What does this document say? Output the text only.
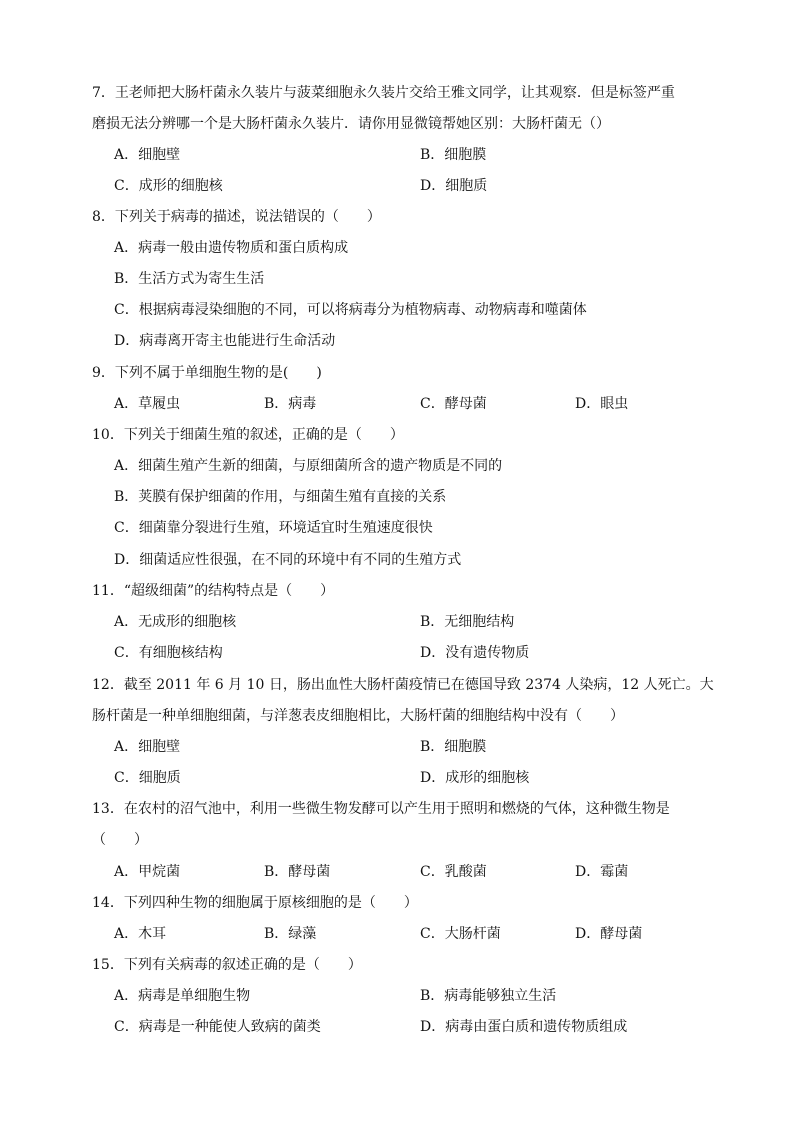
7．王老师把大肠杆菌永久装片与菠菜细胞永久装片交给王雅文同学，让其观察．但是标签严重
磨损无法分辨哪一个是大肠杆菌永久装片．请你用显微镜帮她区别：大肠杆菌无（）
A．细胞壁	B．细胞膜
C．成形的细胞核	D．细胞质
8．下列关于病毒的描述，说法错误的（　　）
A．病毒一般由遗传物质和蛋白质构成
B．生活方式为寄生生活
C．根据病毒浸染细胞的不同，可以将病毒分为植物病毒、动物病毒和噬菌体
D．病毒离开寄主也能进行生命活动
9．下列不属于单细胞生物的是(　　)
A．草履虫	B．病毒	C．酵母菌	D．眼虫
10．下列关于细菌生殖的叙述，正确的是（　　）
A．细菌生殖产生新的细菌，与原细菌所含的遗产物质是不同的
B．荚膜有保护细菌的作用，与细菌生殖有直接的关系
C．细菌靠分裂进行生殖，环境适宜时生殖速度很快
D．细菌适应性很强，在不同的环境中有不同的生殖方式
11．“超级细菌”的结构特点是（　　）
A．无成形的细胞核	B．无细胞结构
C．有细胞核结构	D．没有遗传物质
12．截至 2011 年 6 月 10 日，肠出血性大肠杆菌疫情已在德国导致 2374 人染病，12 人死亡。大
肠杆菌是一种单细胞细菌，与洋葱表皮细胞相比，大肠杆菌的细胞结构中没有（　　）
A．细胞壁	B．细胞膜
C．细胞质	D．成形的细胞核
13．在农村的沼气池中，利用一些微生物发酵可以产生用于照明和燃烧的气体，这种微生物是
（　　）
A．甲烷菌	B．酵母菌	C．乳酸菌	D．霉菌
14．下列四种生物的细胞属于原核细胞的是（　　）
A．木耳	B．绿藻	C．大肠杆菌	D．酵母菌
15．下列有关病毒的叙述正确的是（　　）
A．病毒是单细胞生物	B．病毒能够独立生活
C．病毒是一种能使人致病的菌类	D．病毒由蛋白质和遗传物质组成
